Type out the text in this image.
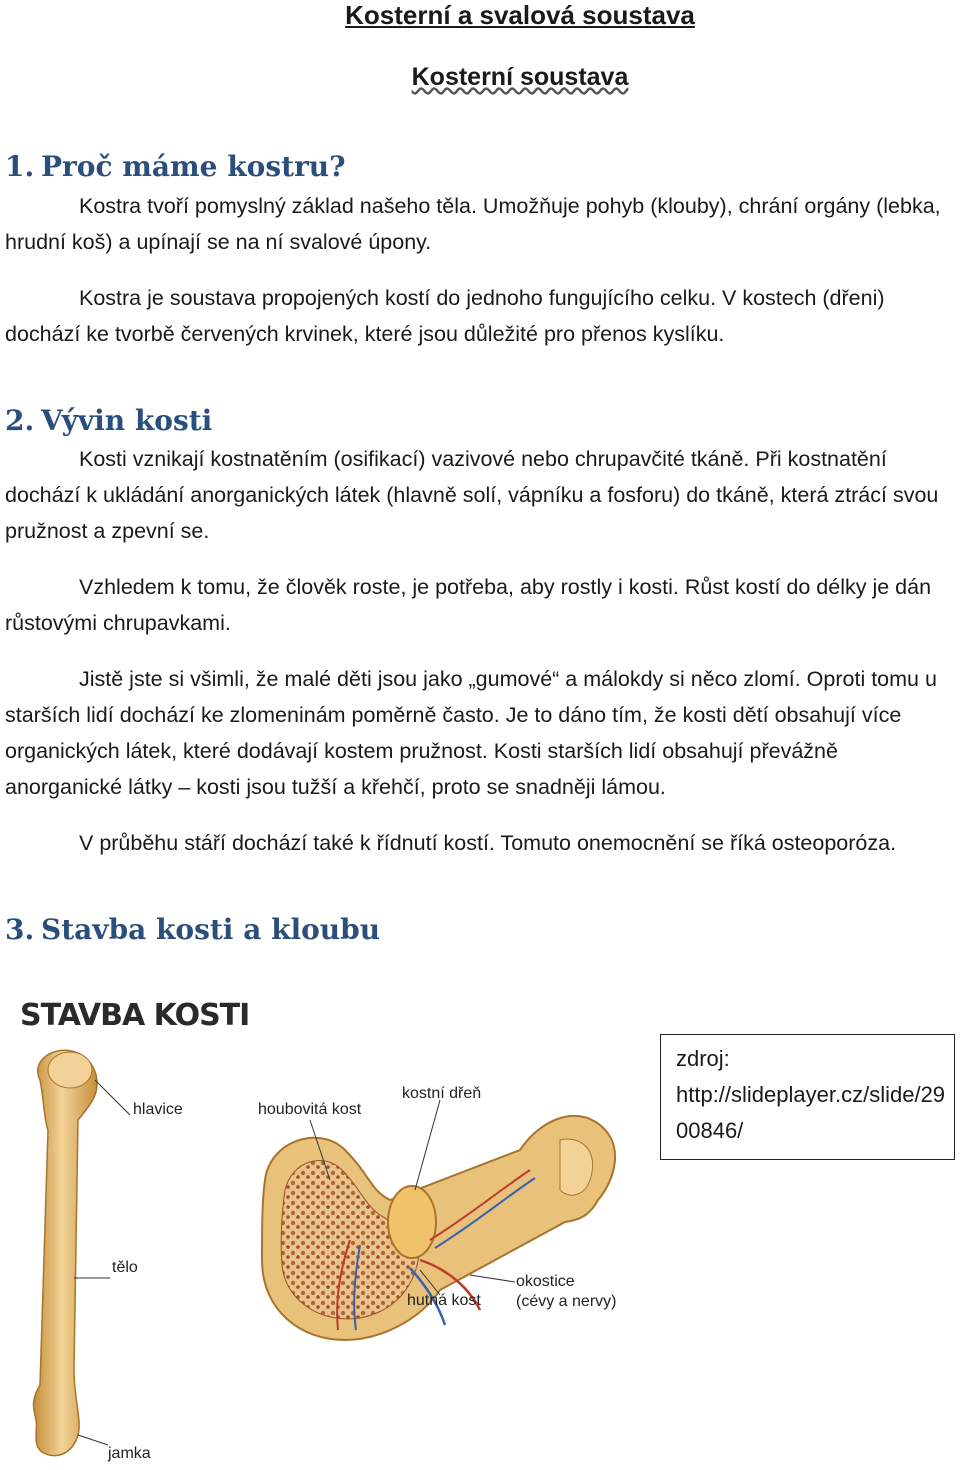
Kosterní a svalová soustava
Kosterní soustava
1. Proč máme kostru?

Kostra tvoří pomyslný základ našeho těla. Umožňuje pohyb (klouby), chrání orgány (lebka, hrudní koš) a upínají se na ní svalové úpony.

Kostra je soustava propojených kostí do jednoho fungujícího celku. V kostech (dřeni) dochází ke tvorbě červených krvinek, které jsou důležité pro přenos kyslíku.

2. Vývin kosti

Kosti vznikají kostnatěním (osifikací) vazivové nebo chrupavčité tkáně. Při kostnatění dochází k ukládání anorganických látek (hlavně solí, vápníku a fosforu) do tkáně, která ztrácí svou pružnost a zpevní se.

Vzhledem k tomu, že člověk roste, je potřeba, aby rostly i kosti. Růst kostí do délky je dán růstovými chrupavkami.

Jistě jste si všimli, že malé děti jsou jako „gumové“ a málokdy si něco zlomí. Oproti tomu u starších lidí dochází ke zlomeninám poměrně často. Je to dáno tím, že kosti dětí obsahují více organických látek, které dodávají kostem pružnost. Kosti starších lidí obsahují převážně anorganické látky – kosti jsou tužší a křehčí, proto se snadněji lámou.

V průběhu stáří dochází také k řídnutí kostí. Tomuto onemocnění se říká osteoporóza.

3. Stavba kosti a kloubu
STAVBA KOSTI
zdroj:
http://slideplayer.cz/slide/2900846/
hlavice	houbovitá kost
kostní dřeň
tělo
hutná kost
okostice
(cévy a nervy)
jamka
